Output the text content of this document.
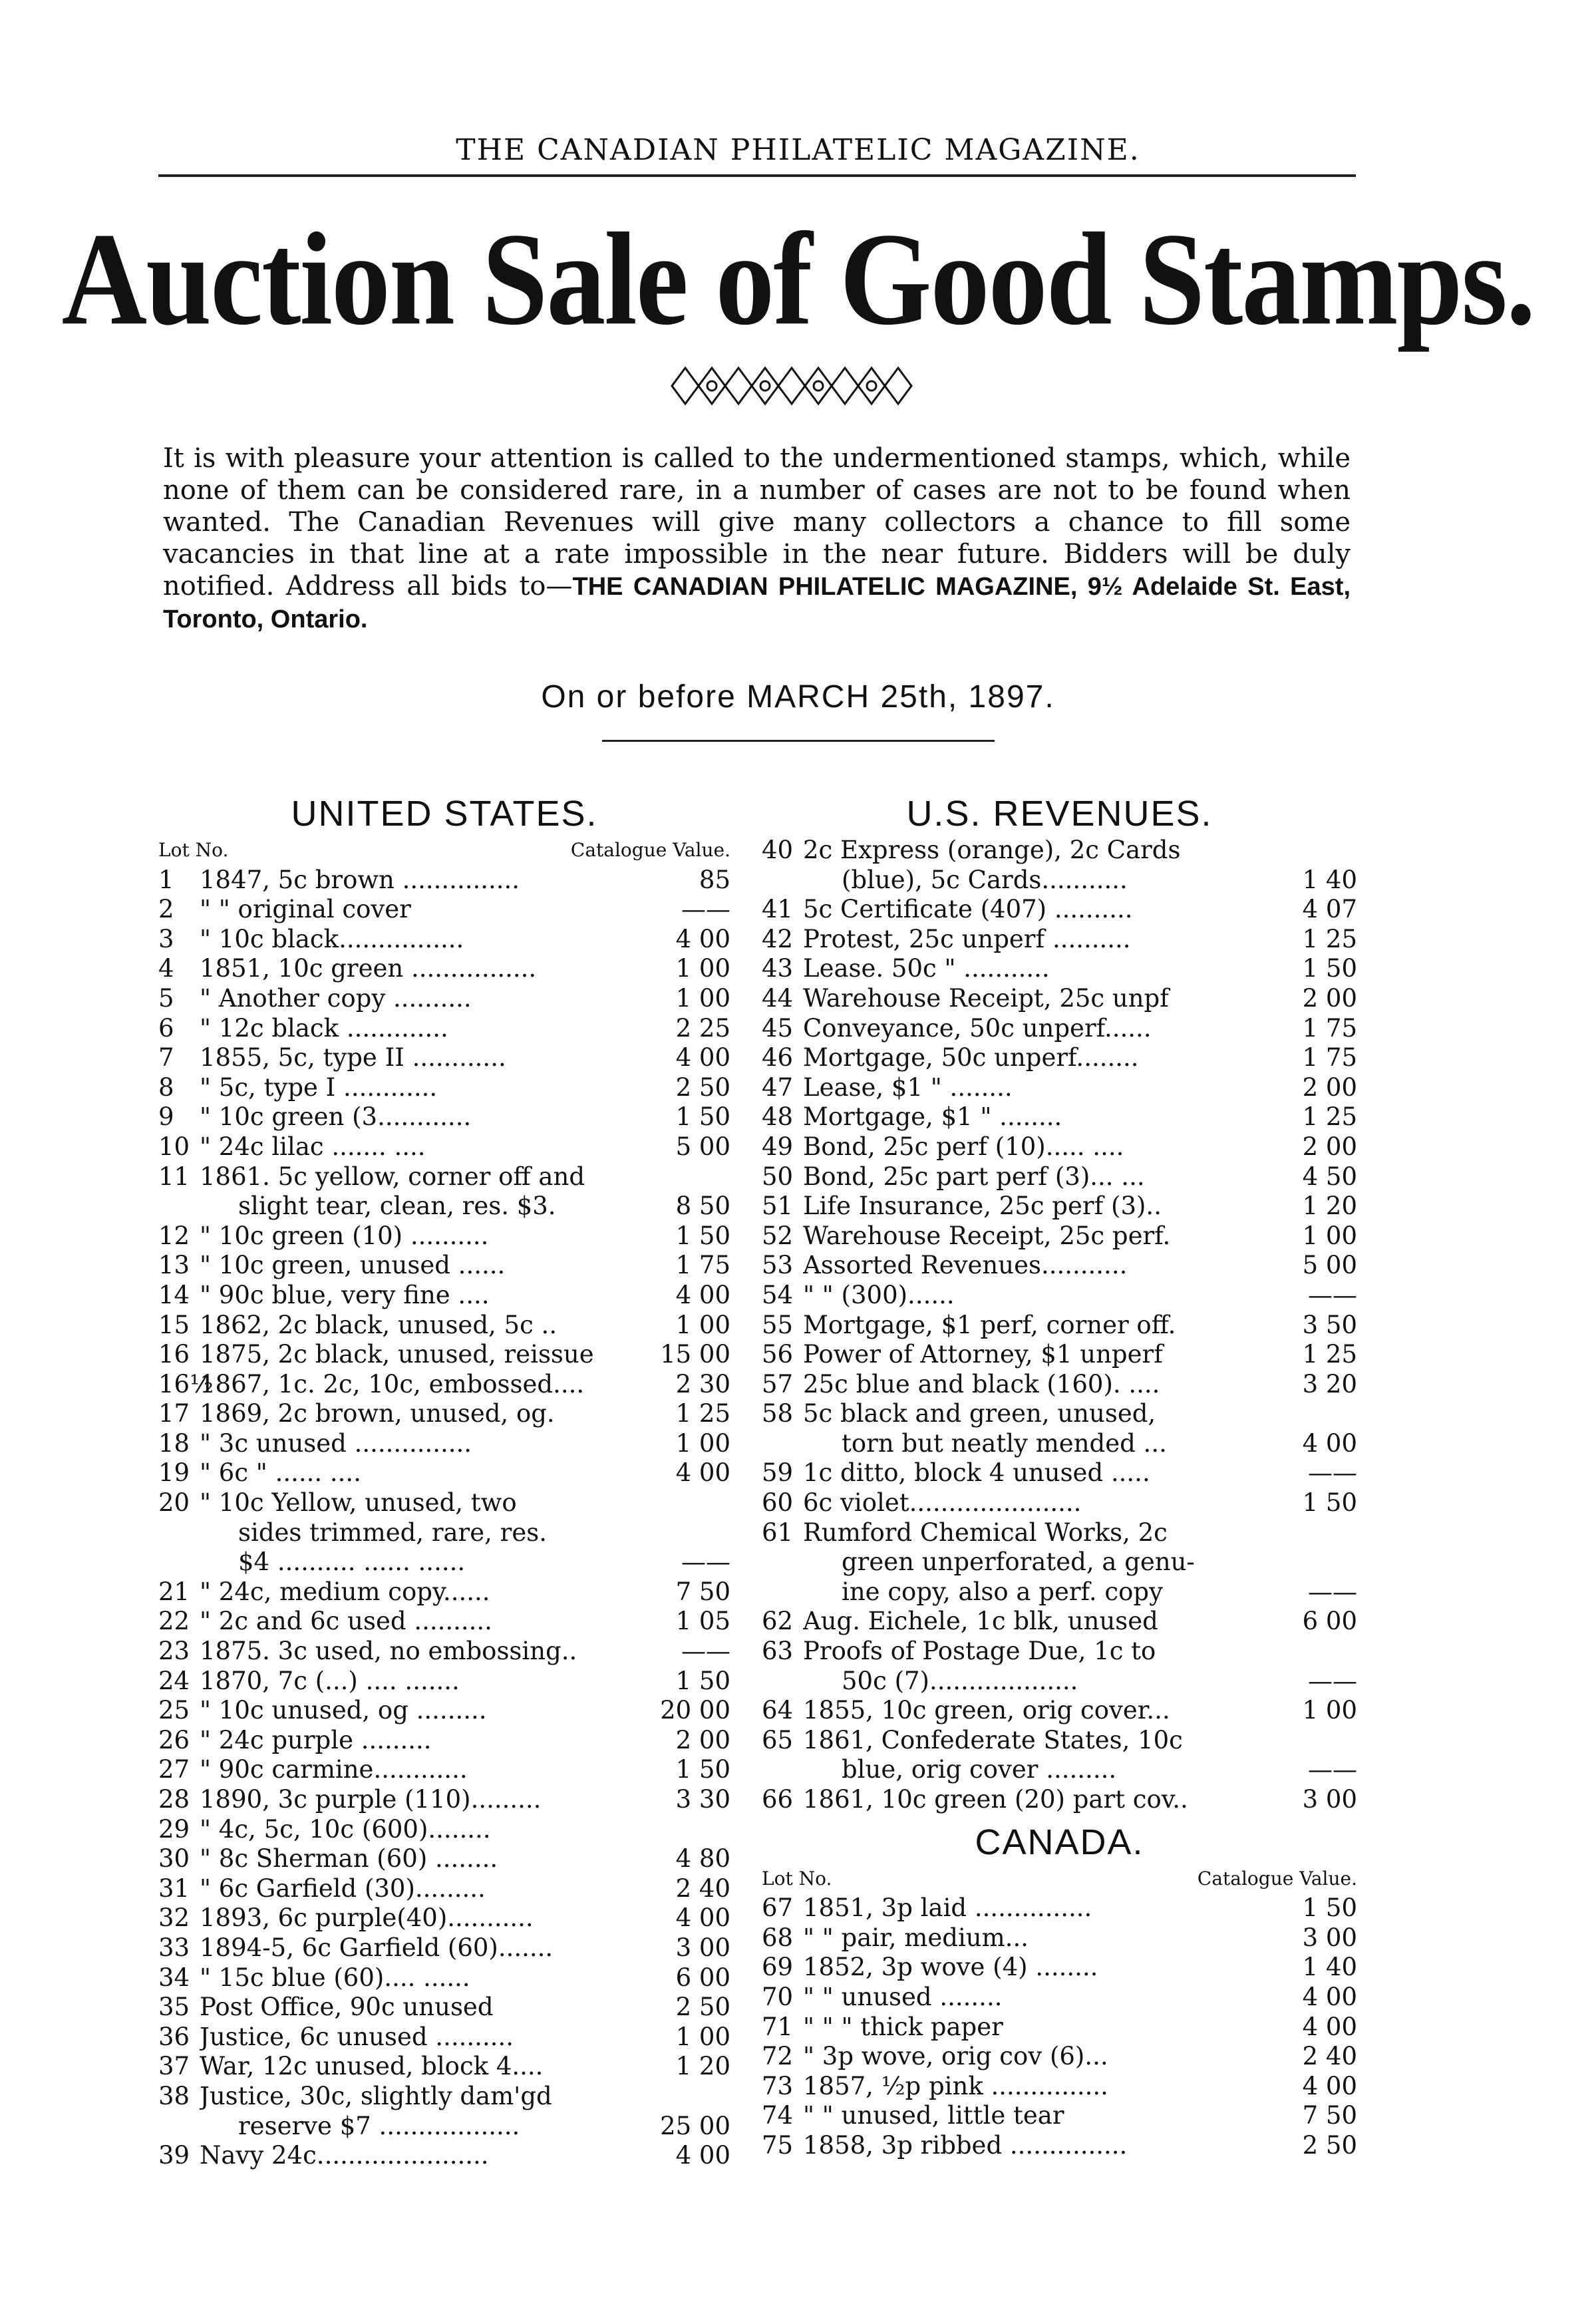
THE CANADIAN PHILATELIC MAGAZINE.
Auction Sale of Good Stamps.
It is with pleasure your attention is called to the undermentioned stamps, which, while none of them can be considered rare, in a number of cases are not to be found when wanted. The Canadian Revenues will give many collectors a chance to fill some vacancies in that line at a rate impossible in the near future. Bidders will be duly notified. Address all bids to—THE CANADIAN PHILATELIC MAGAZINE, 9½ Adelaide St. East, Toronto, Ontario.
On or before MARCH 25th, 1897.
UNITED STATES.
Lot No.	Catalogue Value.
1	1847, 5c brown ...............	85
2	" " original cover	——
3	" 10c black................	4 00
4	1851, 10c green ................	1 00
5	" Another copy ..........	1 00
6	" 12c black .............	2 25
7	1855, 5c, type II ............	4 00
8	" 5c, type I ............	2 50
9	" 10c green (3............	1 50
10 " 24c lilac ....... ....	5 00
11 1861. 5c yellow, corner off and
slight tear, clean, res. $3.	8 50
12 " 10c green (10) ..........	1 50
13 " 10c green, unused ......	1 75
14 " 90c blue, very fine ....	4 00
15 1862, 2c black, unused, 5c ..	1 00
16 1875, 2c black, unused, reissue	15 00
16½
1867, 1c. 2c, 10c, embossed....	2 30
17 1869, 2c brown, unused, og.	1 25
18 " 3c unused ...............	1 00
19 " 6c " ...... ....	4 00
20 " 10c Yellow, unused, two
sides trimmed, rare, res.
$4 .......... ...... ......	——
21 " 24c, medium copy......	7 50
22 " 2c and 6c used ..........	1 05
23 1875. 3c used, no embossing..	——
24 1870, 7c (...) .... .......	1 50
25 " 10c unused, og .........	20 00
26 " 24c purple .........	2 00
27 " 90c carmine............	1 50
28 1890, 3c purple (110).........	3 30
29 " 4c, 5c, 10c (600)........
30 " 8c Sherman (60) ........	4 80
31 " 6c Garfield (30).........	2 40
32 1893, 6c purple(40)...........	4 00
33 1894-5, 6c Garfield (60).......	3 00
34 " 15c blue (60).... ......	6 00
35 Post Office, 90c unused	2 50
36 Justice, 6c unused ..........	1 00
37 War, 12c unused, block 4....	1 20
38 Justice, 30c, slightly dam'gd
reserve $7 ..................	25 00
39 Navy 24c......................	4 00
U.S. REVENUES.
40 2c Express (orange), 2c Cards
(blue), 5c Cards...........	1 40
41 5c Certificate (407) ..........	4 07
42 Protest, 25c unperf ..........	1 25
43 Lease. 50c " ...........	1 50
44 Warehouse Receipt, 25c unpf	2 00
45 Conveyance, 50c unperf......	1 75
46 Mortgage, 50c unperf........	1 75
47 Lease, $1 " ........	2 00
48 Mortgage, $1 " ........	1 25
49 Bond, 25c perf (10)..... ....	2 00
50 Bond, 25c part perf (3)... ...	4 50
51 Life Insurance, 25c perf (3)..	1 20
52 Warehouse Receipt, 25c perf.	1 00
53 Assorted Revenues...........	5 00
54 " " (300)......	——
55 Mortgage, $1 perf, corner off.	3 50
56 Power of Attorney, $1 unperf	1 25
57 25c blue and black (160). ....	3 20
58 5c black and green, unused,
torn but neatly mended ...	4 00
59 1c ditto, block 4 unused .....	——
60 6c violet......................	1 50
61 Rumford Chemical Works, 2c
green unperforated, a genu-
ine copy, also a perf. copy	——
62 Aug. Eichele, 1c blk, unused	6 00
63 Proofs of Postage Due, 1c to
50c (7)...................	——
64 1855, 10c green, orig cover...	1 00
65 1861, Confederate States, 10c
blue, orig cover .........	——
66 1861, 10c green (20) part cov..	3 00
CANADA.
Lot No.	Catalogue Value.
67 1851, 3p laid ...............	1 50
68 " " pair, medium...	3 00
69 1852, 3p wove (4) ........	1 40
70 " " unused ........	4 00
71 " " " thick paper	4 00
72 " 3p wove, orig cov (6)...	2 40
73 1857, ½p pink ...............	4 00
74 " " unused, little tear	7 50
75 1858, 3p ribbed ...............	2 50
